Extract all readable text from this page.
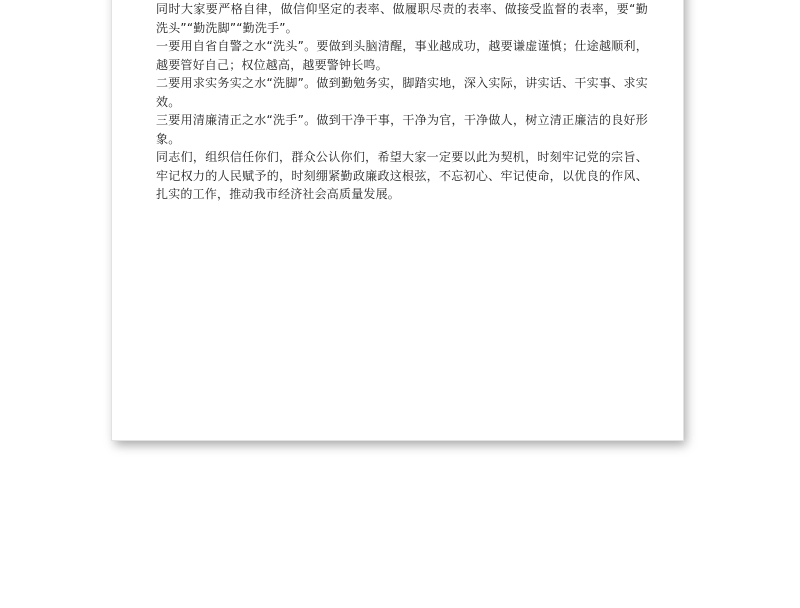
同时大家要严格自律，做信仰坚定的表率、做履职尽责的表率、做接受监督的表率，要“勤洗头”“勤洗脚”“勤洗手”。

一要用自省自警之水“洗头”。要做到头脑清醒，事业越成功，越要谦虚谨慎；仕途越顺利，越要管好自己；权位越高，越要警钟长鸣。

二要用求实务实之水“洗脚”。做到勤勉务实，脚踏实地，深入实际，讲实话、干实事、求实效。

三要用清廉清正之水“洗手”。做到干净干事，干净为官，干净做人，树立清正廉洁的良好形象。

同志们，组织信任你们，群众公认你们，希望大家一定要以此为契机，时刻牢记党的宗旨、牢记权力的人民赋予的，时刻绷紧勤政廉政这根弦，不忘初心、牢记使命，以优良的作风、扎实的工作，推动我市经济社会高质量发展。
